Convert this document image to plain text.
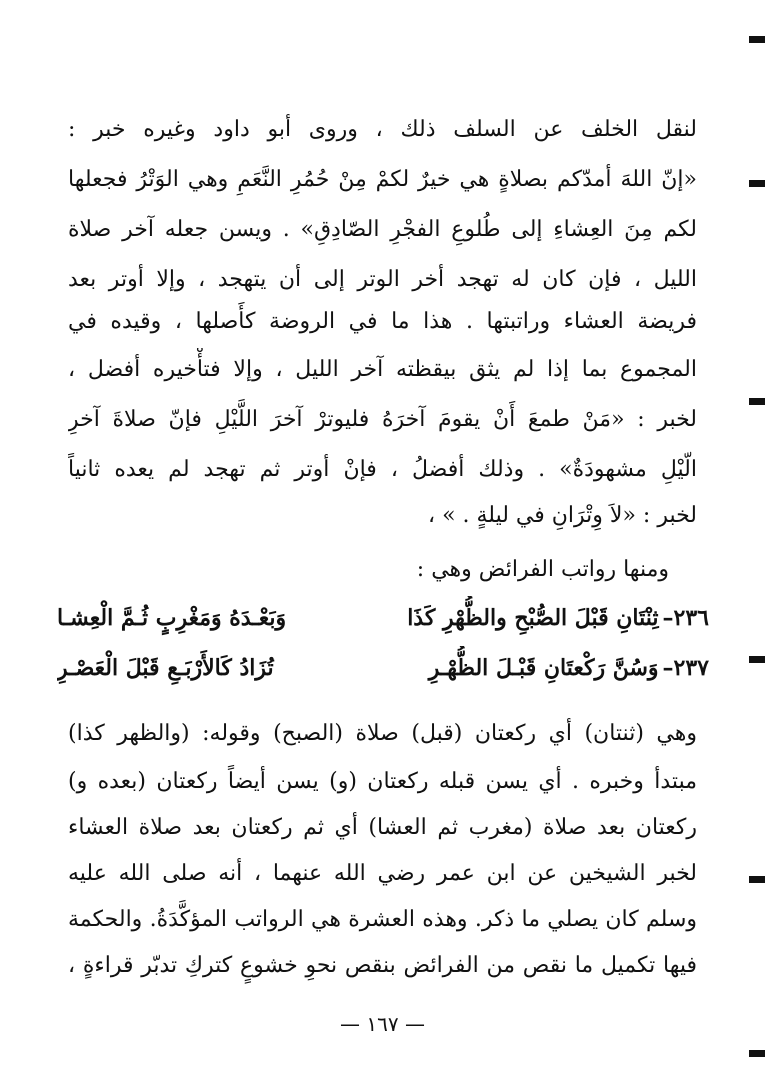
لنقل الخلف عن السلف ذلك ، وروى أبو داود وغيره خبر :
«إنّ اللهَ أمدّكم بصلاةٍ هي خيرٌ لكمْ مِنْ حُمُرِ النَّعَمِ وهي الوَتْرُ فجعلها
لكم مِنَ العِشاءِ إلى طُلوعِ الفجْرِ الصّادِقِ» . ويسن جعله آخر صلاة
الليل ، فإن كان له تهجد أخر الوتر إلى أن يتهجد ، وإلا أوتر بعد
فريضة العشاء وراتبتها . هذا ما في الروضة كأَصلها ، وقيده في
المجموع بما إذا لم يثق بيقظته آخر الليل ، وإلا فتأْخيره أفضل ،
لخبر : «مَنْ طمعَ أَنْ يقومَ آخرَهُ فليوترْ آخرَ اللَّيْلِ فإنّ صلاةَ آخرِ
الّيْلِ مشهودَةٌ» . وذلك أفضلُ ، فإنْ أوتر ثم تهجد لم يعده ثانياً
لخبر : «لاَ وِتْرَانِ في ليلةٍ . » ،
ومنها رواتب الفرائض وهي :
٢٣٦–ثِنْتَانِ قَبْلَ الصُّبْحِ والظُّهْرِ كَذَا
وَبَعْـدَهُ وَمَغْرِبٍ ثُـمَّ الْعِشـا
٢٣٧–وَسُنَّ رَكْعتَانِ قَبْـلَ الظُّهْـرِ
تُزَادُ كَالأَرْبَـعِ قَبْلَ الْعَصْـرِ
وهي (ثنتان) أي ركعتان (قبل) صلاة (الصبح) وقوله: (والظهر كذا)
مبتدأ وخبره . أي يسن قبله ركعتان (و) يسن أيضاً ركعتان (بعده و)
ركعتان بعد صلاة (مغرب ثم العشا) أي ثم ركعتان بعد صلاة العشاء
لخبر الشيخين عن ابن عمر رضي الله عنهما ، أنه صلى الله عليه
وسلم كان يصلي ما ذكر. وهذه العشرة هي الرواتب المؤكَّدَةُ. والحكمة
فيها تكميل ما نقص من الفرائض بنقص نحوِ خشوعٍ كتركِ تدبّر قراءةٍ ،
— ١٦٧ —
